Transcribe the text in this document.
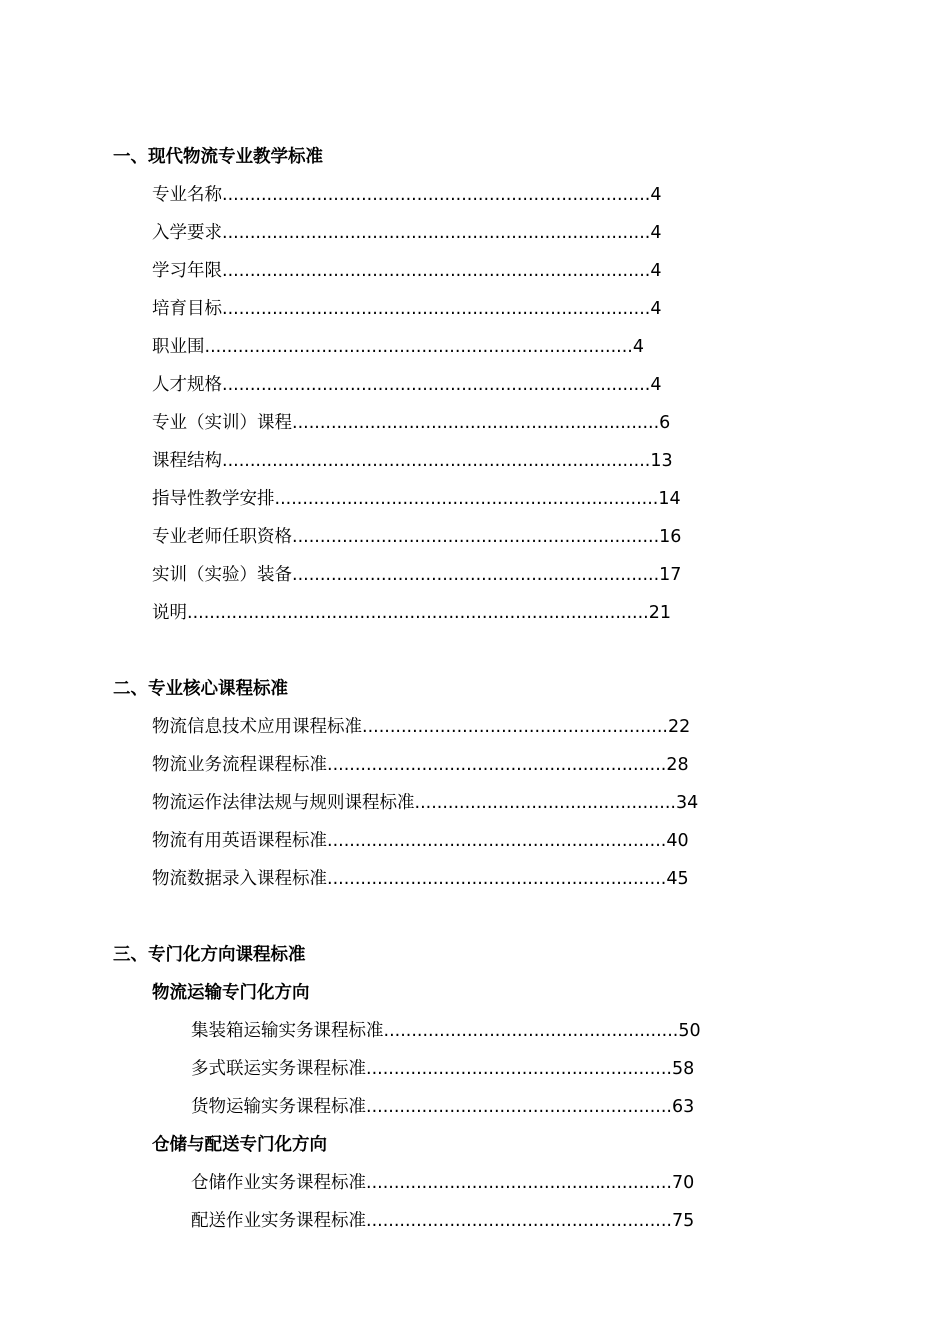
一、现代物流专业教学标准
专业名称.............................................................................4
入学要求.............................................................................4
学习年限.............................................................................4
培育目标.............................................................................4
职业围.............................................................................4
人才规格.............................................................................4
专业（实训）课程..................................................................6
课程结构.............................................................................13
指导性教学安排.....................................................................14
专业老师任职资格..................................................................16
实训（实验）装备..................................................................17
说明...................................................................................21
二、专业核心课程标准
物流信息技术应用课程标准.......................................................22
物流业务流程课程标准.............................................................28
物流运作法律法规与规则课程标准...............................................34
物流有用英语课程标准.............................................................40
物流数据录入课程标准.............................................................45
三、专门化方向课程标准
物流运输专门化方向
集装箱运输实务课程标准.....................................................50
多式联运实务课程标准.......................................................58
货物运输实务课程标准.......................................................63
仓储与配送专门化方向
仓储作业实务课程标准.......................................................70
配送作业实务课程标准.......................................................75
